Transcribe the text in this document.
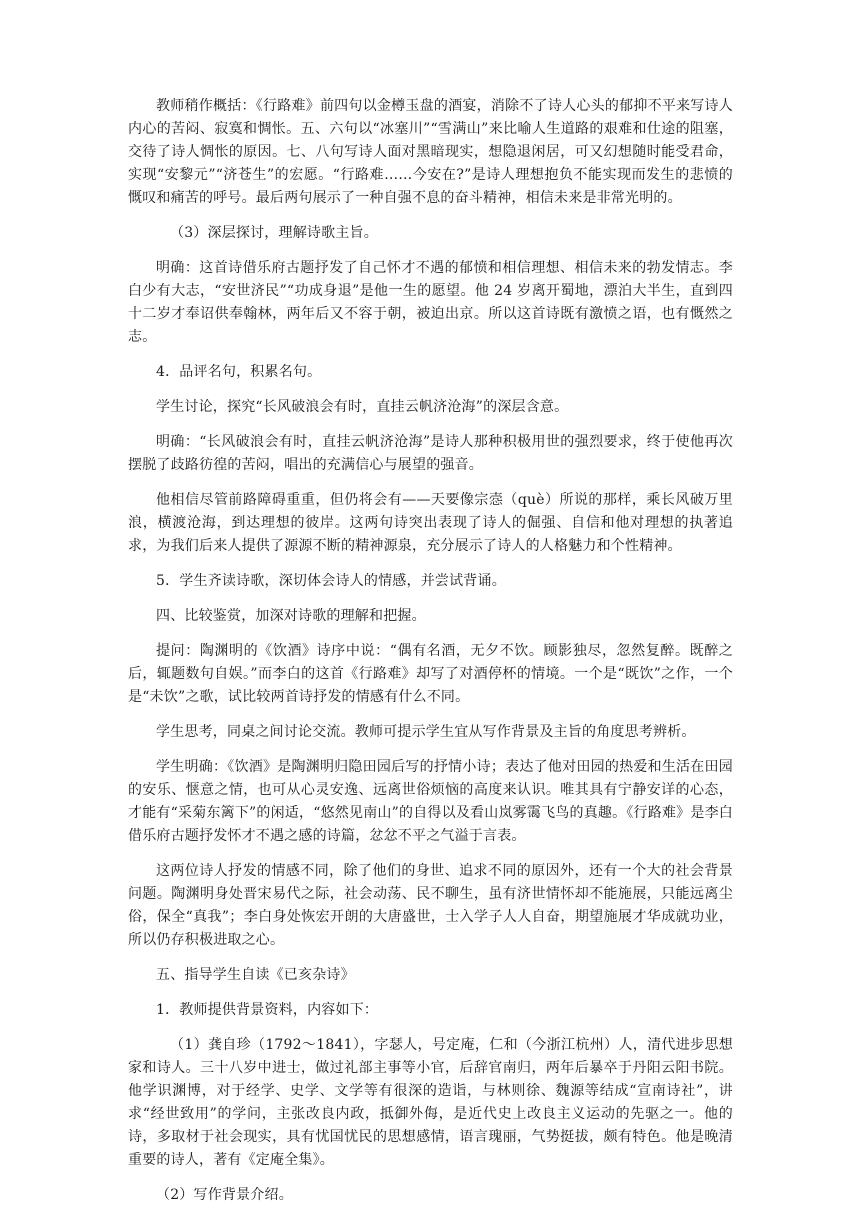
教师稍作概括：《行路难》前四句以金樽玉盘的酒宴，消除不了诗人心头的郁抑不平来写诗人内心的苦闷、寂寞和惆怅。五、六句以“冰塞川”“雪满山”来比喻人生道路的艰难和仕途的阻塞，交待了诗人惆怅的原因。七、八句写诗人面对黑暗现实，想隐退闲居，可又幻想随时能受君命，实现“安黎元”“济苍生”的宏愿。“行路难……今安在?”是诗人理想抱负不能实现而发生的悲愤的慨叹和痛苦的呼号。最后两句展示了一种自强不息的奋斗精神，相信未来是非常光明的。

（3）深层探讨，理解诗歌主旨。

明确：这首诗借乐府古题抒发了自己怀才不遇的郁愤和相信理想、相信未来的勃发情志。李白少有大志，“安世济民”“功成身退”是他一生的愿望。他 24 岁离开蜀地，漂泊大半生，直到四十二岁才奉诏供奉翰林，两年后又不容于朝，被迫出京。所以这首诗既有激愤之语，也有慨然之志。

4．品评名句，积累名句。

学生讨论，探究“长风破浪会有时，直挂云帆济沧海”的深层含意。

明确：“长风破浪会有时，直挂云帆济沧海”是诗人那种积极用世的强烈要求，终于使他再次摆脱了歧路彷徨的苦闷，唱出的充满信心与展望的强音。

他相信尽管前路障碍重重，但仍将会有——天要像宗悫（què）所说的那样，乘长风破万里浪，横渡沧海，到达理想的彼岸。这两句诗突出表现了诗人的倔强、自信和他对理想的执著追求，为我们后来人提供了源源不断的精神源泉，充分展示了诗人的人格魅力和个性精神。

5．学生齐读诗歌，深切体会诗人的情感，并尝试背诵。

四、比较鉴赏，加深对诗歌的理解和把握。

提问：陶渊明的《饮酒》诗序中说：“偶有名酒，无夕不饮。顾影独尽，忽然复醉。既醉之后，辄题数句自娱。”而李白的这首《行路难》却写了对酒停杯的情境。一个是“既饮”之作，一个是“未饮”之歌，试比较两首诗抒发的情感有什么不同。

学生思考，同桌之间讨论交流。教师可提示学生宜从写作背景及主旨的角度思考辨析。

学生明确：《饮酒》是陶渊明归隐田园后写的抒情小诗；表达了他对田园的热爱和生活在田园的安乐、惬意之情，也可从心灵安逸、远离世俗烦恼的高度来认识。唯其具有宁静安详的心态，才能有“采菊东篱下”的闲适，“悠然见南山”的自得以及看山岚雾霭飞鸟的真趣。《行路难》是李白借乐府古题抒发怀才不遇之感的诗篇，忿忿不平之气溢于言表。

这两位诗人抒发的情感不同，除了他们的身世、追求不同的原因外，还有一个大的社会背景问题。陶渊明身处晋宋易代之际，社会动荡、民不聊生，虽有济世情怀却不能施展，只能远离尘俗，保全“真我”；李白身处恢宏开朗的大唐盛世，士入学子人人自奋，期望施展才华成就功业，所以仍存积极进取之心。

五、指导学生自读《已亥杂诗》

1．教师提供背景资料，内容如下：

（1）龚自珍（1792～1841），字瑟人，号定庵，仁和（今浙江杭州）人，清代进步思想家和诗人。三十八岁中进士，做过礼部主事等小官，后辞官南归，两年后暴卒于丹阳云阳书院。他学识渊博，对于经学、史学、文学等有很深的造诣，与林则徐、魏源等结成“宣南诗社”，讲求“经世致用”的学问，主张改良内政，抵御外侮，是近代史上改良主义运动的先驱之一。他的诗，多取材于社会现实，具有忧国忧民的思想感情，语言瑰丽，气势挺拔，颇有特色。他是晚清重要的诗人，著有《定庵全集》。

（2）写作背景介绍。
